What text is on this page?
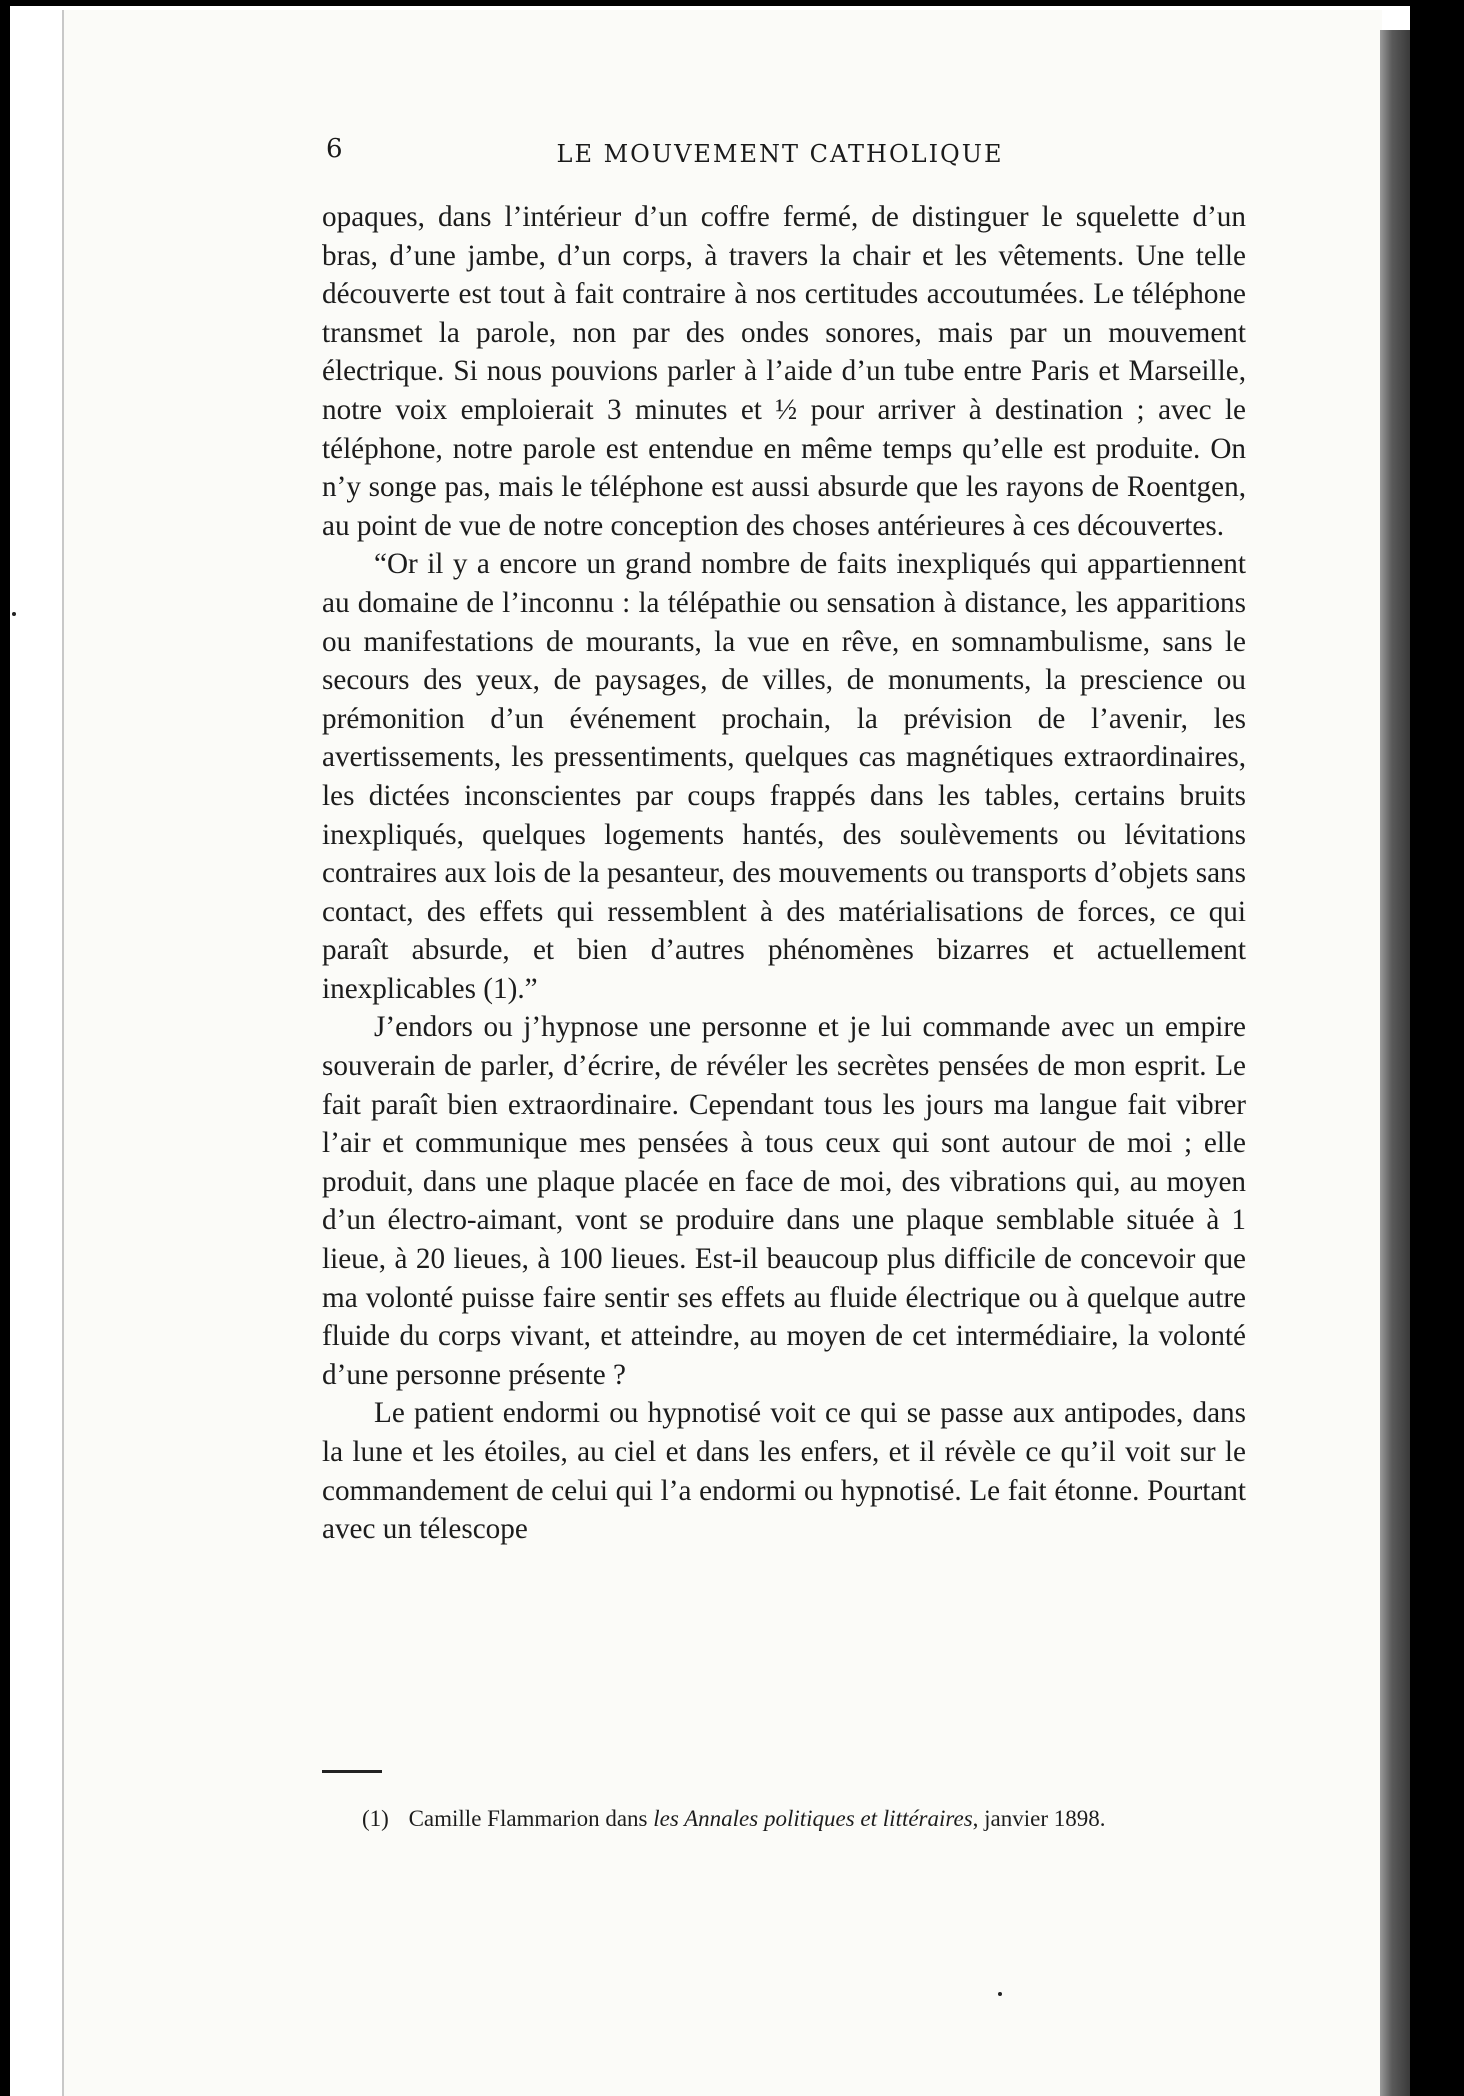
6	LE MOUVEMENT CATHOLIQUE

opaques, dans l’intérieur d’un coffre fermé, de distinguer le squelette d’un bras, d’une jambe, d’un corps, à travers la chair et les vêtements. Une telle découverte est tout à fait contraire à nos certitudes accoutumées. Le téléphone transmet la parole, non par des ondes sonores, mais par un mouvement électrique. Si nous pouvions parler à l’aide d’un tube entre Paris et Marseille, notre voix emploierait 3 minutes et ½ pour arriver à destination ; avec le téléphone, notre parole est entendue en même temps qu’elle est produite. On n’y songe pas, mais le téléphone est aussi absurde que les rayons de Roentgen, au point de vue de notre conception des choses antérieures à ces découvertes.

“Or il y a encore un grand nombre de faits inexpliqués qui appartiennent au domaine de l’inconnu : la télépathie ou sensation à distance, les apparitions ou manifestations de mourants, la vue en rêve, en somnambulisme, sans le secours des yeux, de paysages, de villes, de monuments, la prescience ou prémonition d’un événement prochain, la prévision de l’avenir, les avertissements, les pressentiments, quelques cas magnétiques extraordinaires, les dictées inconscientes par coups frappés dans les tables, certains bruits inexpliqués, quelques logements hantés, des soulèvements ou lévitations contraires aux lois de la pesanteur, des mouvements ou transports d’objets sans contact, des effets qui ressemblent à des matérialisations de forces, ce qui paraît absurde, et bien d’autres phénomènes bizarres et actuellement inexplicables (1).”

J’endors ou j’hypnose une personne et je lui commande avec un empire souverain de parler, d’écrire, de révéler les secrètes pensées de mon esprit. Le fait paraît bien extraordinaire. Cependant tous les jours ma langue fait vibrer l’air et communique mes pensées à tous ceux qui sont autour de moi ; elle produit, dans une plaque placée en face de moi, des vibrations qui, au moyen d’un électro-aimant, vont se produire dans une plaque semblable située à 1 lieue, à 20 lieues, à 100 lieues. Est-il beaucoup plus difficile de concevoir que ma volonté puisse faire sentir ses effets au fluide électrique ou à quelque autre fluide du corps vivant, et atteindre, au moyen de cet intermédiaire, la volonté d’une personne présente ?

Le patient endormi ou hypnotisé voit ce qui se passe aux antipodes, dans la lune et les étoiles, au ciel et dans les enfers, et il révèle ce qu’il voit sur le commandement de celui qui l’a endormi ou hypnotisé. Le fait étonne. Pourtant avec un télescope

(1) Camille Flammarion dans les Annales politiques et littéraires, janvier 1898.
